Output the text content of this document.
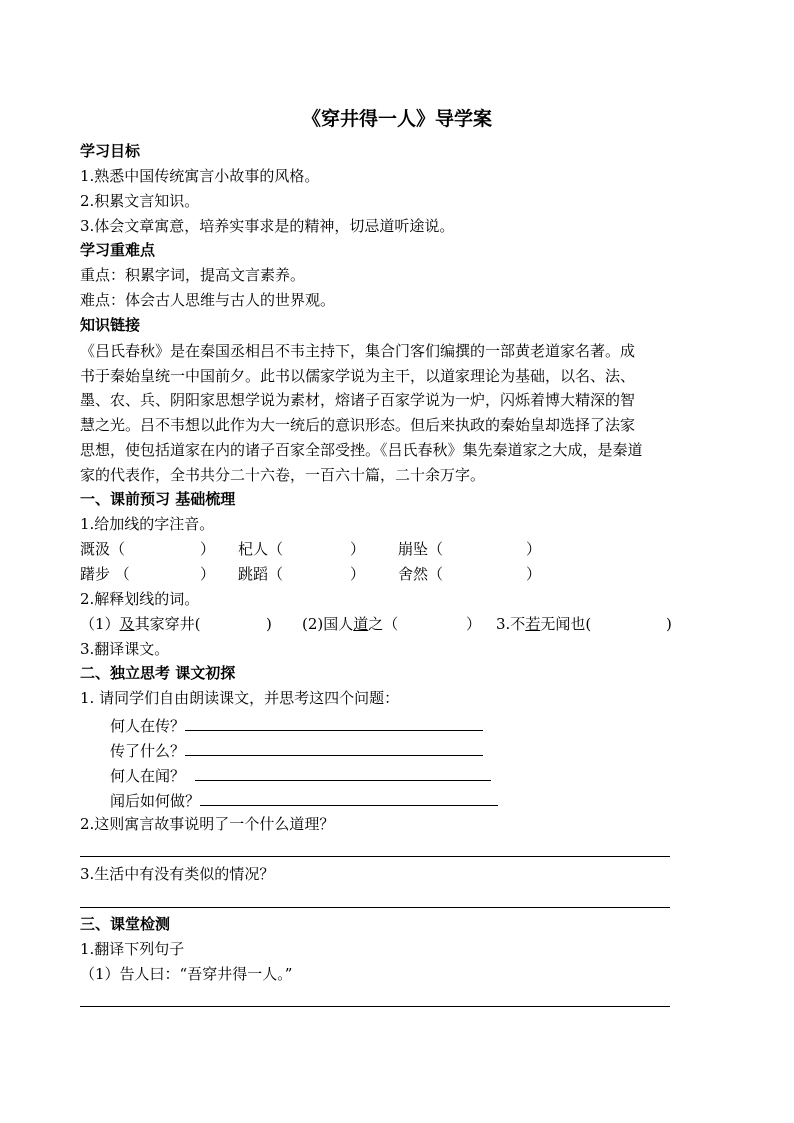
《穿井得一人》导学案
学习目标
1.熟悉中国传统寓言小故事的风格。
2.积累文言知识。
3.体会文章寓意，培养实事求是的精神，切忌道听途说。
学习重难点
重点：积累字词，提高文言素养。
难点：体会古人思维与古人的世界观。
知识链接
《吕氏春秋》是在秦国丞相吕不韦主持下，集合门客们编撰的一部黄老道家名著。成
书于秦始皇统一中国前夕。此书以儒家学说为主干，以道家理论为基础，以名、法、
墨、农、兵、阴阳家思想学说为素材，熔诸子百家学说为一炉，闪烁着博大精深的智
慧之光。吕不韦想以此作为大一统后的意识形态。但后来执政的秦始皇却选择了法家
思想，使包括道家在内的诸子百家全部受挫。《吕氏春秋》集先秦道家之大成，是秦道
家的代表作，全书共分二十六卷，一百六十篇，二十余万字。
一、课前预习 基础梳理
1.给加线的字注音。
溉汲（	） 杞人（	） 崩坠（	）
躇步 （	） 跳蹈（	） 舍然（	）
2.解释划线的词。
（1）及其家穿井(	) (2)国人道之（	） 3.不若无闻也(	)
3.翻译课文。
二、独立思考 课文初探
1. 请同学们自由朗读课文，并思考这四个问题：
何人在传？
传了什么？
何人在闻？
闻后如何做？
2.这则寓言故事说明了一个什么道理？
3.生活中有没有类似的情况？
三、课堂检测
1.翻译下列句子
（1）告人曰：“吾穿井得一人。”
